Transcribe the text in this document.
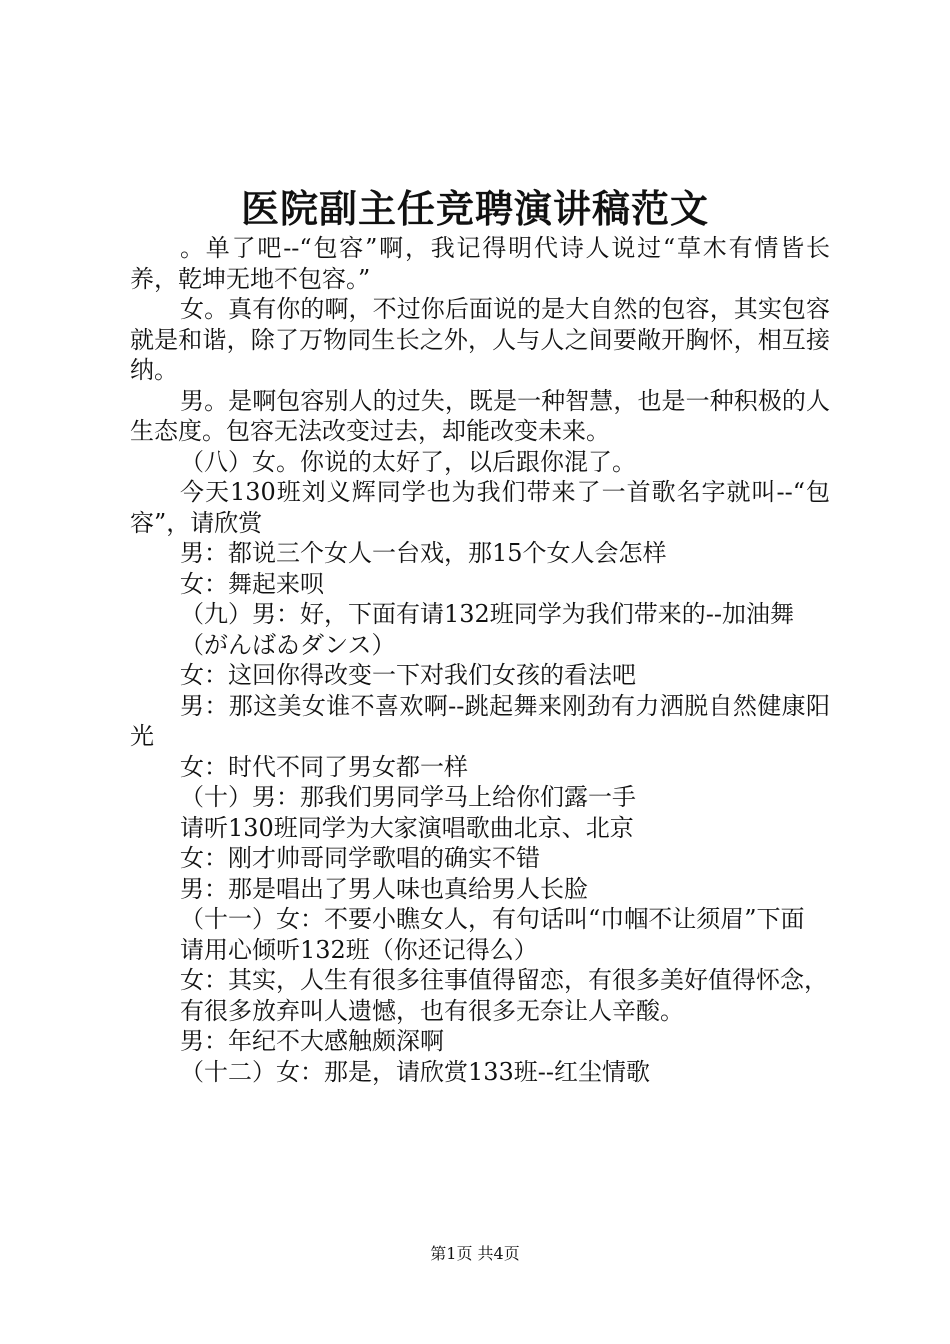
医院副主任竞聘演讲稿范文

。单了吧--“包容”啊，我记得明代诗人说过“草木有情皆长养，乾坤无地不包容。”

女。真有你的啊，不过你后面说的是大自然的包容，其实包容就是和谐，除了万物同生长之外，人与人之间要敞开胸怀，相互接纳。

男。是啊包容别人的过失，既是一种智慧，也是一种积极的人生态度。包容无法改变过去，却能改变未来。

（八）女。你说的太好了，以后跟你混了。

今天130班刘义辉同学也为我们带来了一首歌名字就叫--“包容”，请欣赏

男：都说三个女人一台戏，那15个女人会怎样

女：舞起来呗

（九）男：好，下面有请132班同学为我们带来的--加油舞

（がんばゐダンス）

女：这回你得改变一下对我们女孩的看法吧

男：那这美女谁不喜欢啊--跳起舞来刚劲有力洒脱自然健康阳光

女：时代不同了男女都一样

（十）男：那我们男同学马上给你们露一手

请听130班同学为大家演唱歌曲北京、北京

女：刚才帅哥同学歌唱的确实不错

男：那是唱出了男人味也真给男人长脸

（十一）女：不要小瞧女人，有句话叫“巾帼不让须眉”下面

请用心倾听132班（你还记得么）

女：其实，人生有很多往事值得留恋，有很多美好值得怀念，

有很多放弃叫人遗憾，也有很多无奈让人辛酸。

男：年纪不大感触颇深啊

（十二）女：那是，请欣赏133班--红尘情歌

第1页 共4页
